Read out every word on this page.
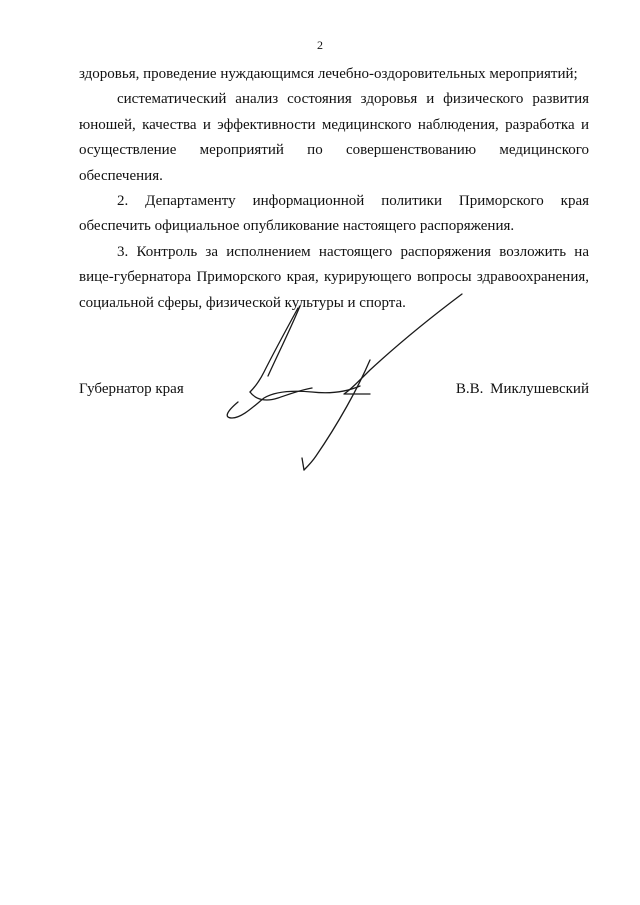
2

здоровья, проведение нуждающимся лечебно-оздоровительных мероприятий;

систематический анализ состояния здоровья и физического развития
юношей, качества и эффективности медицинского наблюдения, разработка и
осуществление мероприятий по совершенствованию медицинского
обеспечения.

2. Департаменту информационной политики Приморского края
обеспечить официальное опубликование настоящего распоряжения.

3. Контроль за исполнением настоящего распоряжения возложить на
вице-губернатора Приморского края, курирующего вопросы здравоохранения,
социальной сферы, физической культуры и спорта.

Губернатор края	В.В. Миклушевский
